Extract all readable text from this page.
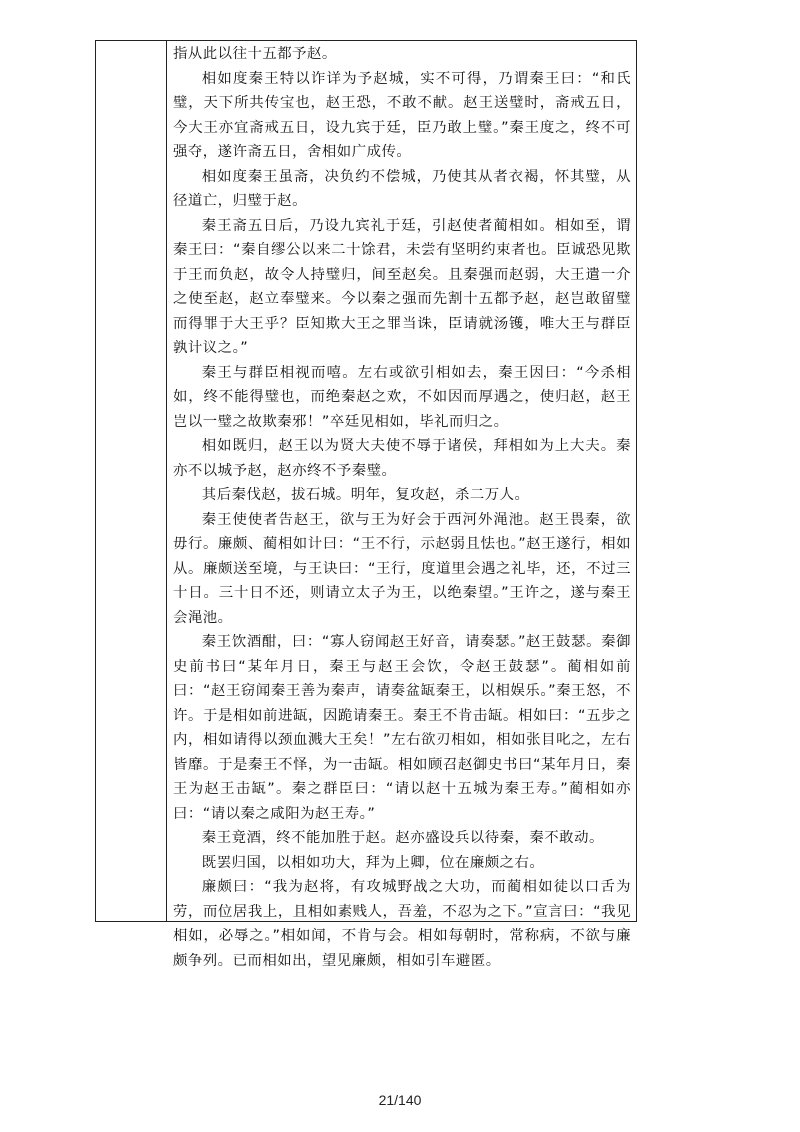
指从此以往十五都予赵。

相如度秦王特以诈详为予赵城，实不可得，乃谓秦王曰：“和氏璧，天下所共传宝也，赵王恐，不敢不献。赵王送璧时，斋戒五日，今大王亦宜斋戒五日，设九宾于廷，臣乃敢上璧。”秦王度之，终不可强夺，遂许斋五日，舍相如广成传。

相如度秦王虽斋，决负约不偿城，乃使其从者衣褐，怀其璧，从径道亡，归璧于赵。

秦王斋五日后，乃设九宾礼于廷，引赵使者蔺相如。相如至，谓秦王曰：“秦自缪公以来二十馀君，未尝有坚明约束者也。臣诚恐见欺于王而负赵，故令人持璧归，间至赵矣。且秦强而赵弱，大王遣一介之使至赵，赵立奉璧来。今以秦之强而先割十五都予赵，赵岂敢留璧而得罪于大王乎？臣知欺大王之罪当诛，臣请就汤镬，唯大王与群臣孰计议之。”

秦王与群臣相视而嘻。左右或欲引相如去，秦王因曰：“今杀相如，终不能得璧也，而绝秦赵之欢，不如因而厚遇之，使归赵，赵王岂以一璧之故欺秦邪！”卒廷见相如，毕礼而归之。

相如既归，赵王以为贤大夫使不辱于诸侯，拜相如为上大夫。秦亦不以城予赵，赵亦终不予秦璧。

其后秦伐赵，拔石城。明年，复攻赵，杀二万人。

秦王使使者告赵王，欲与王为好会于西河外渑池。赵王畏秦，欲毋行。廉颇、蔺相如计曰：“王不行，示赵弱且怯也。”赵王遂行，相如从。廉颇送至境，与王诀曰：“王行，度道里会遇之礼毕，还，不过三十日。三十日不还，则请立太子为王，以绝秦望。”王许之，遂与秦王会渑池。

秦王饮酒酣，曰：“寡人窃闻赵王好音，请奏瑟。”赵王鼓瑟。秦御史前书曰“某年月日，秦王与赵王会饮，令赵王鼓瑟”。蔺相如前曰：“赵王窃闻秦王善为秦声，请奏盆缻秦王，以相娱乐。”秦王怒，不许。于是相如前进缻，因跪请秦王。秦王不肯击缻。相如曰：“五步之内，相如请得以颈血溅大王矣！”左右欲刃相如，相如张目叱之，左右皆靡。于是秦王不怿，为一击缻。相如顾召赵御史书曰“某年月日，秦王为赵王击缻”。秦之群臣曰：“请以赵十五城为秦王寿。”蔺相如亦曰：“请以秦之咸阳为赵王寿。”

秦王竟酒，终不能加胜于赵。赵亦盛设兵以待秦，秦不敢动。

既罢归国，以相如功大，拜为上卿，位在廉颇之右。

廉颇曰：“我为赵将，有攻城野战之大功，而蔺相如徒以口舌为劳，而位居我上，且相如素贱人，吾羞，不忍为之下。”宣言曰：“我见相如，必辱之。”相如闻，不肯与会。相如每朝时，常称病，不欲与廉颇争列。已而相如出，望见廉颇，相如引车避匿。

21/140
